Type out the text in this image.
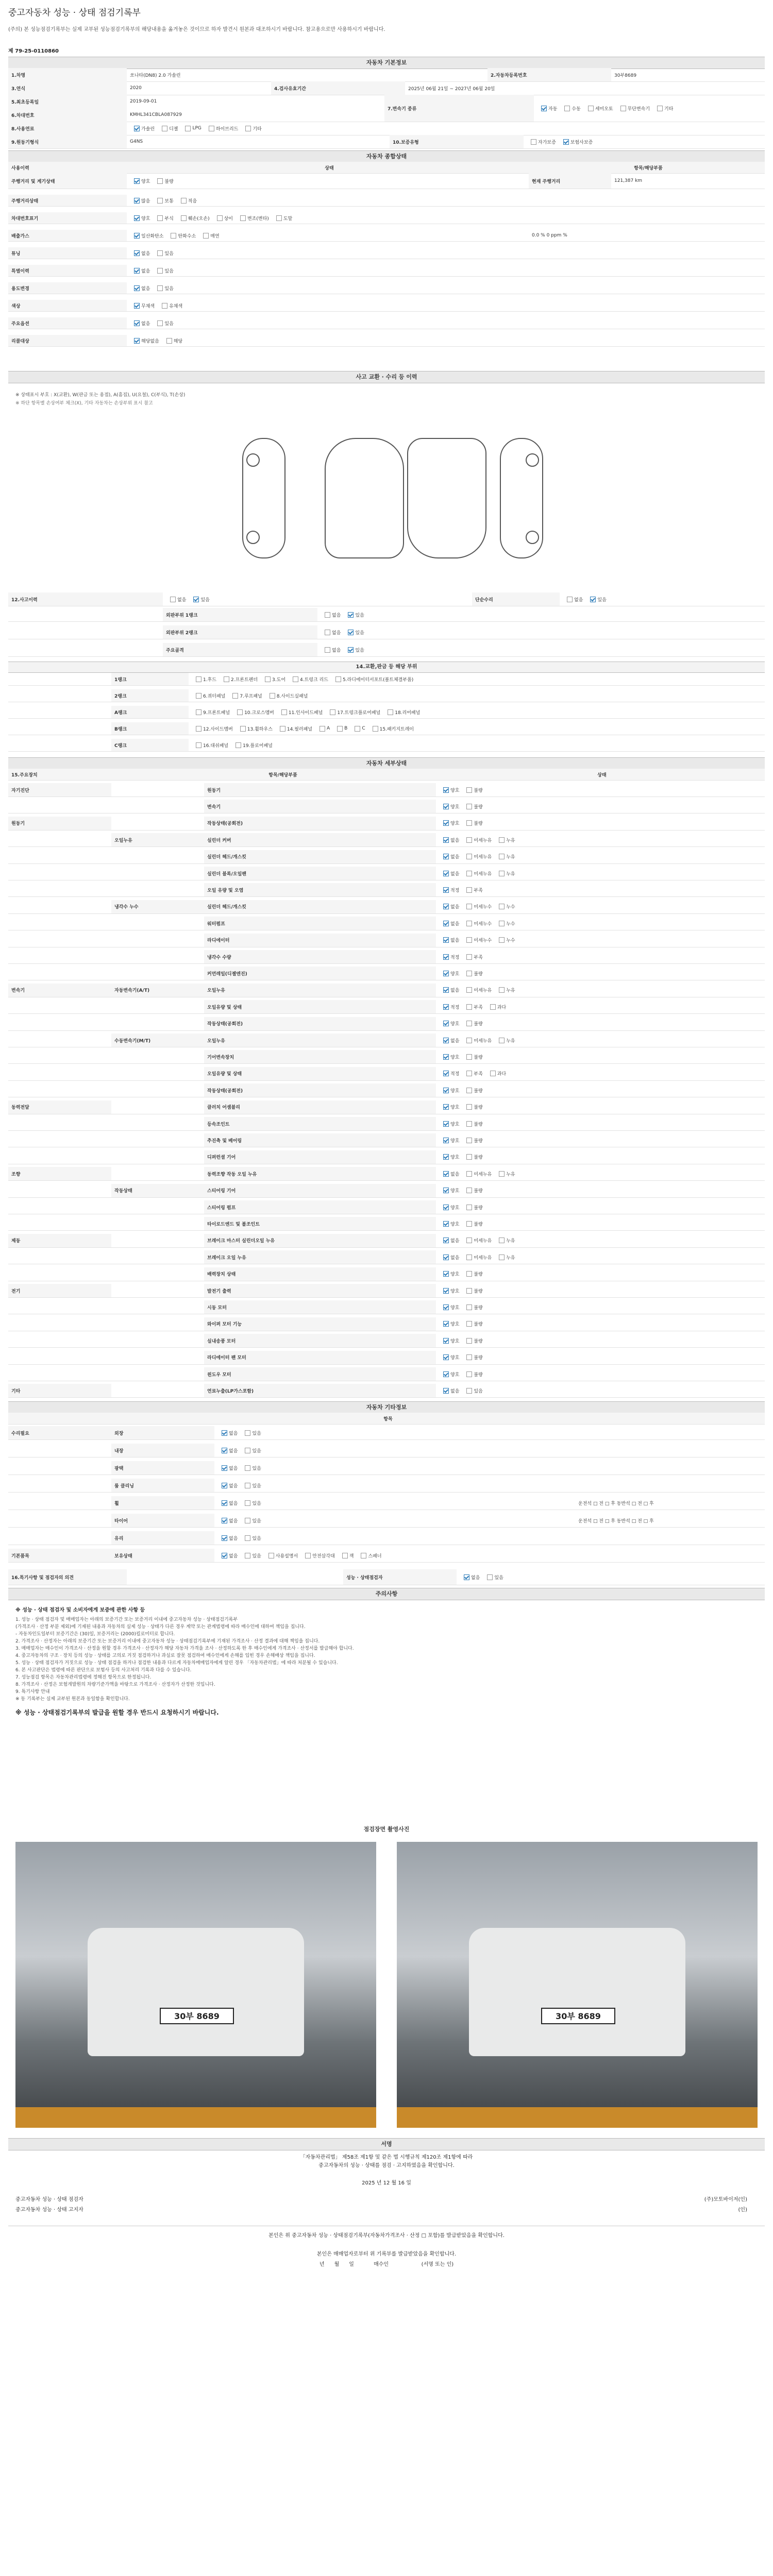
중고자동차 성능 · 상태 점검기록부
(주의) 본 성능점검기록부는 실제 교부된 성능점검기록부의 해당내용을 옮겨놓은 것이므로 하자 발견시 원본과 대조하시기 바랍니다. 참고용으로만 사용하시기 바랍니다.
제 79-25-0110860
자동차 기본정보
1.차명	쏘나타(DN8) 2.0 가솔린	2.자동차등록번호	30부8689
3.연식	2020	4.검사유효기간	2025년 06월 21일 ~ 2027년 06월 20일
5.최초등록일	2019-09-01
6.차대번호	KMHL341CBLA087929
7.변속기 종류	자동	수동	세미오토	무단변속기	기타
8.사용연료	가솔린	디젤	LPG	하이브리드	기타
9.원동기형식	G4NS	10.보증유형	자가보증	보험사보증
자동차 종합상태
사용이력	상태	항목/해당부품
주행거리 및 계기상태	양호	불량	현재 주행거리	121,387 km
주행거리상태	많음	보통	적음
차대번호표기	양호	부식	훼손(오손)	상이	변조(변타)	도말
배출가스	일산화탄소	탄화수소	매연	0.0 % 0 ppm %
튜닝	없음	있음
특별이력	없음	있음
용도변경	없음	있음
색상	무채색	유채색
주요옵션	없음	있음
리콜대상	해당없음	해당
사고 교환 · 수리 등 이력
※ 상태표시 부호 : X(교환), W(판금 또는 용접), A(흠집), U(요철), C(부식), T(손상)
※ 하단 항목별 손상여부 체크(X), 기타 자동차는 손상부위 표시 참고
12.사고이력	없음	있음	단순수리	없음	있음
외판부위 1랭크	없음	있음
외판부위 2랭크	없음	있음
주요골격	없음	있음
14.교환,판금 등 해당 부위
1랭크	1.후드	2.프론트펜더	3.도어	4.트렁크 리드	5.라디에이터서포트(볼트체결부품)
2랭크	6.쿼터패널	7.루프패널	8.사이드실패널
A랭크	9.프론트패널	10.크로스멤버	11.인사이드패널	17.트렁크플로어패널	18.리어패널
B랭크	12.사이드멤버	13.휠하우스	14.필러패널	A	B	C	15.패키지트레이
C랭크	16.대쉬패널	19.플로어패널
자동차 세부상태
15.주요장치	항목/해당부품	상태
자기진단	원동기	양호	불량
변속기	양호	불량
원동기	작동상태(공회전)	양호	불량
오일누유	실린더 커버	없음	미세누유	누유
실린더 헤드/개스킷	없음	미세누유	누유
실린더 블록/오일팬	없음	미세누유	누유
오일 유량 및 오염	적정	부족
냉각수 누수	실린더 헤드/개스킷	없음	미세누수	누수
워터펌프	없음	미세누수	누수
라디에이터	없음	미세누수	누수
냉각수 수량	적정	부족
커먼레일(디젤엔진)	양호	불량
변속기	자동변속기(A/T)	오일누유	없음	미세누유	누유
오일유량 및 상태	적정	부족	과다
작동상태(공회전)	양호	불량
수동변속기(M/T)	오일누유	없음	미세누유	누유
기어변속장치	양호	불량
오일유량 및 상태	적정	부족	과다
작동상태(공회전)	양호	불량
동력전달	클러치 어셈블리	양호	불량
등속조인트	양호	불량
추진축 및 베어링	양호	불량
디퍼런셜 기어	양호	불량
조향	동력조향 작동 오일 누유	없음	미세누유	누유
작동상태	스티어링 기어	양호	불량
스티어링 펌프	양호	불량
타이로드엔드 및 볼조인트	양호	불량
제동	브레이크 마스터 실린더오일 누유	없음	미세누유	누유
브레이크 오일 누유	없음	미세누유	누유
배력장치 상태	양호	불량
전기	발전기 출력	양호	불량
시동 모터	양호	불량
와이퍼 모터 기능	양호	불량
실내송풍 모터	양호	불량
라디에이터 팬 모터	양호	불량
윈도우 모터	양호	불량
기타	연료누출(LP가스포함)	없음	있음
자동차 기타정보
항목
수리필요	외장	없음	있음
내장	없음	있음
광택	없음	있음
룸 클리닝	없음	있음
휠	없음	있음	운전석 □ 전 □ 후 동반석 □ 전 □ 후
타이어	없음	있음	운전석 □ 전 □ 후 동반석 □ 전 □ 후
유리	없음	있음
기본품목	보유상태	없음	있음	사용설명서	안전삼각대	잭	스패너
16.특기사항 및 점검자의 의견	성능 · 상태점검자	없음	있음
주의사항
※ 성능 · 상태 점검자 및 소비자에게 보증에 관한 사항 등
1. 성능 · 상태 점검자 및 매매업자는 아래의 보증기간 또는 보증거리 이내에 중고자동차 성능 · 상태점검기록부
(가격조사 · 산정 부분 제외)에 기재된 내용과 자동차의 실제 성능 · 상태가 다른 경우 계약 또는 관계법령에 따라 매수인에 대하여 책임을 집니다.
- 자동차인도일부터 보증기간은 (30)일, 보증거리는 (2000)킬로미터로 합니다.
2. 가격조사 · 산정자는 아래의 보증기간 또는 보증거리 이내에 중고자동차 성능 · 상태점검기록부에 기재된 가격조사 · 산정 결과에 대해 책임을 집니다.
3. 매매업자는 매수인이 가격조사 · 산정을 원할 경우 가격조사 · 산정자가 해당 자동차 가격을 조사 · 산정하도록 한 후 매수인에게 가격조사 · 산정서를 발급해야 합니다.
4. 중고자동차의 구조 · 장치 등의 성능 · 상태를 고의로 거짓 점검하거나 과실로 잘못 점검하여 매수인에게 손해를 입힌 경우 손해배상 책임을 집니다.
5. 성능 · 상태 점검자가 거짓으로 성능 · 상태 점검을 하거나 점검한 내용과 다르게 자동차매매업자에게 알린 경우 「자동차관리법」에 따라 처분될 수 있습니다.
6. 본 사고판단은 법령에 따른 판단으로 보험사 등의 사고처리 기록과 다를 수 있습니다.
7. 성능점검 항목은 자동차관리법령에 정해진 항목으로 한정됩니다.
8. 가격조사 · 산정은 보험개발원의 차량기준가액을 바탕으로 가격조사 · 산정자가 산정한 것입니다.
9. 특기사항 안내
※ 동 기록부는 실제 교부된 원본과 동일함을 확인합니다.
※ 성능 · 상태점검기록부의 발급을 원할 경우 반드시 요청하시기 바랍니다.
점검장면 촬영사진
30부 8689	30부 8689
서명
「자동차관리법」 제58조 제1항 및 같은 법 시행규칙 제120조 제1항에 따라
중고자동차의 성능 · 상태를 점검 · 고지하였음을 확인합니다.
2025 년 12 월 16 일
중고자동차 성능 · 상태 점검자	(주)모토바이저(인)
중고자동차 성능 · 상태 고지자	(인)
본인은 위 중고자동차 성능 · 상태점검기록부(자동차가격조사 · 산정 □ 포함)를 발급받았음을 확인합니다.
본인은 매매업자로부터 위 기록부를 발급받았음을 확인합니다.
년      월      일            매수인                    (서명 또는 인)
